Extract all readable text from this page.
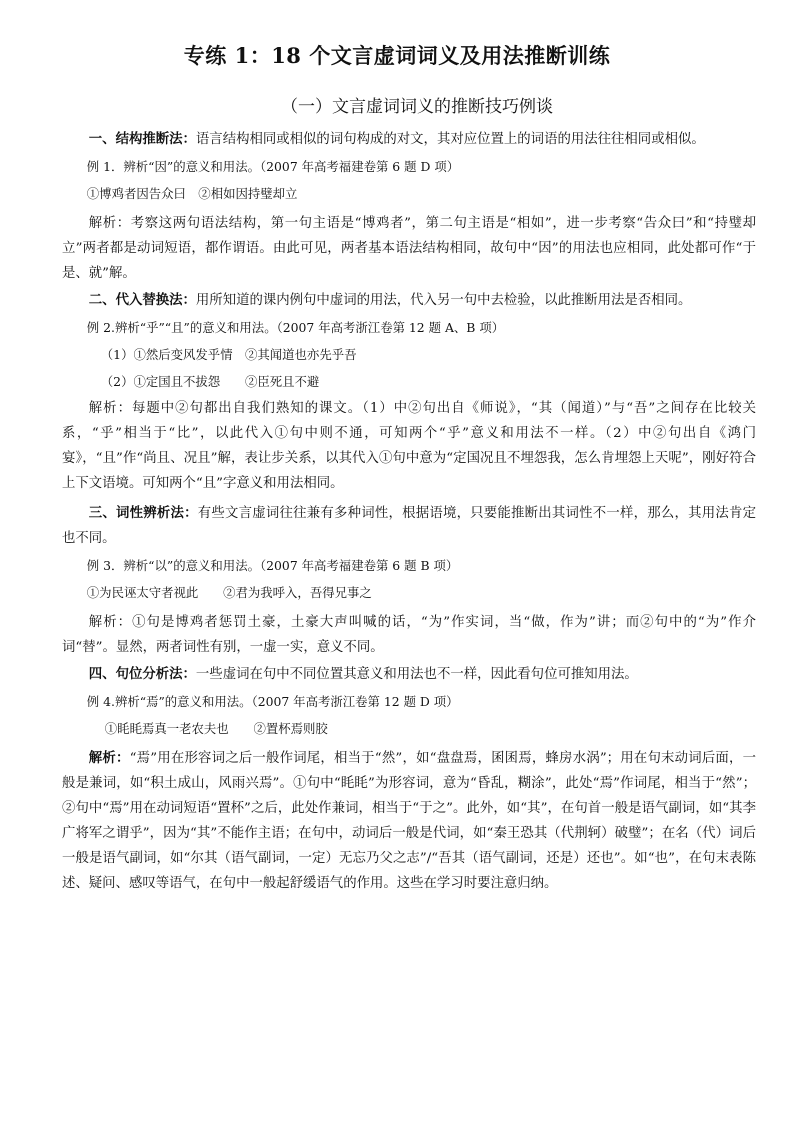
专练 1：18 个文言虚词词义及用法推断训练
（一）文言虚词词义的推断技巧例谈

一、结构推断法：语言结构相同或相似的词句构成的对文，其对应位置上的词语的用法往往相同或相似。

例 1．辨析“因”的意义和用法。（2007 年高考福建卷第 6 题 D 项）

①博鸡者因告众曰　②相如因持璧却立

解析：考察这两句语法结构，第一句主语是“博鸡者”，第二句主语是“相如”，进一步考察“告众曰”和“持璧却立”两者都是动词短语，都作谓语。由此可见，两者基本语法结构相同，故句中“因”的用法也应相同，此处都可作“于是、就”解。

二、代入替换法：用所知道的课内例句中虚词的用法，代入另一句中去检验，以此推断用法是否相同。

例 2.辨析“乎”“且”的意义和用法。（2007 年高考浙江卷第 12 题 A、B 项）

（1）①然后变风发乎情　②其闻道也亦先乎吾

（2）①定国且不拔怨　　②臣死且不避

解析：每题中②句都出自我们熟知的课文。（1）中②句出自《师说》，“其（闻道）”与“吾”之间存在比较关系，“乎”相当于“比”，以此代入①句中则不通，可知两个“乎”意义和用法不一样。（2）中②句出自《鸿门宴》，“且”作“尚且、况且”解，表让步关系，以其代入①句中意为“定国况且不埋怨我，怎么肯埋怨上天呢”，刚好符合上下文语境。可知两个“且”字意义和用法相同。

三、词性辨析法：有些文言虚词往往兼有多种词性，根据语境，只要能推断出其词性不一样，那么，其用法肯定也不同。

例 3．辨析“以”的意义和用法。（2007 年高考福建卷第 6 题 B 项）

①为民诬太守者视此　　②君为我呼入，吾得兄事之

解析：①句是博鸡者惩罚土豪，土豪大声叫喊的话，“为”作实词，当“做，作为”讲；而②句中的“为”作介词“替”。显然，两者词性有别，一虚一实，意义不同。

四、句位分析法：一些虚词在句中不同位置其意义和用法也不一样，因此看句位可推知用法。

例 4.辨析“焉”的意义和用法。（2007 年高考浙江卷第 12 题 D 项）

①眊眊焉真一老农夫也　　②置杯焉则胶

解析：“焉”用在形容词之后一般作词尾，相当于“然”，如“盘盘焉，囷囷焉，蜂房水涡”；用在句末动词后面，一般是兼词，如“积土成山，风雨兴焉”。①句中“眊眊”为形容词，意为“昏乱，糊涂”，此处“焉”作词尾，相当于“然”；②句中“焉”用在动词短语“置杯”之后，此处作兼词，相当于“于之”。此外，如“其”，在句首一般是语气副词，如“其李广将军之谓乎”，因为“其”不能作主语；在句中，动词后一般是代词，如“秦王恐其（代荆轲）破璧”；在名（代）词后一般是语气副词，如“尔其（语气副词，一定）无忘乃父之志”/“吾其（语气副词，还是）还也”。如“也”，在句末表陈述、疑问、感叹等语气，在句中一般起舒缓语气的作用。这些在学习时要注意归纳。
